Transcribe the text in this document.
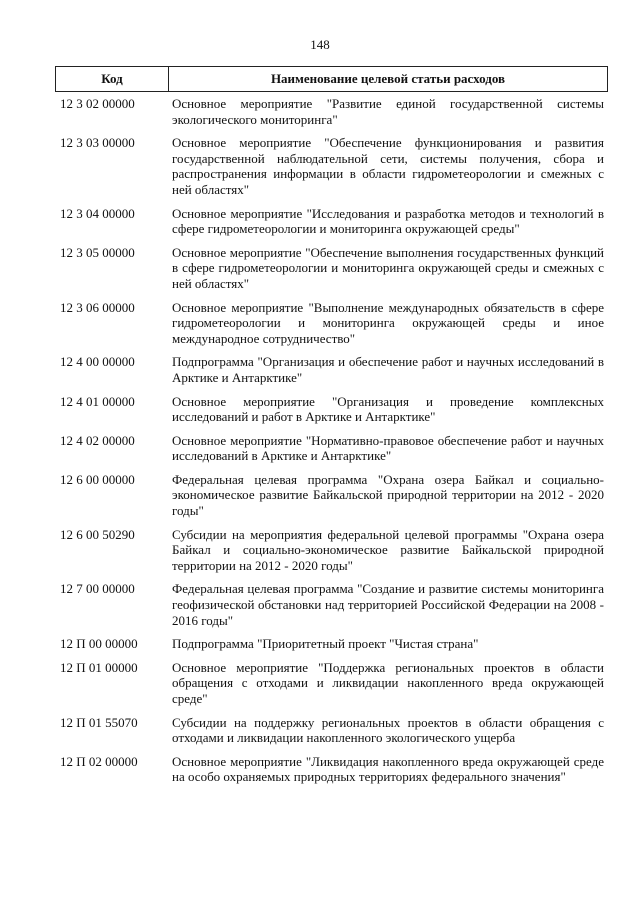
148
Код	Наименование целевой статьи расходов
12 3 02 00000	Основное мероприятие "Развитие единой государственной системы экологического мониторинга"
12 3 03 00000	Основное мероприятие "Обеспечение функционирования и развития государственной наблюдательной сети, системы получения, сбора и распространения информации в области гидрометеорологии и смежных с ней областях"
12 3 04 00000	Основное мероприятие "Исследования и разработка методов и технологий в сфере гидрометеорологии и мониторинга окружающей среды"
12 3 05 00000	Основное мероприятие "Обеспечение выполнения государственных функций в сфере гидрометеорологии и мониторинга окружающей среды и смежных с ней областях"
12 3 06 00000	Основное мероприятие "Выполнение международных обязательств в сфере гидрометеорологии и мониторинга окружающей среды и иное международное сотрудничество"
12 4 00 00000	Подпрограмма "Организация и обеспечение работ и научных исследований в Арктике и Антарктике"
12 4 01 00000	Основное мероприятие "Организация и проведение комплексных исследований и работ в Арктике и Антарктике"
12 4 02 00000	Основное мероприятие "Нормативно-правовое обеспечение работ и научных исследований в Арктике и Антарктике"
12 6 00 00000	Федеральная целевая программа "Охрана озера Байкал и социально-экономическое развитие Байкальской природной территории на 2012 - 2020 годы"
12 6 00 50290	Субсидии на мероприятия федеральной целевой программы "Охрана озера Байкал и социально-экономическое развитие Байкальской природной территории на 2012 - 2020 годы"
12 7 00 00000	Федеральная целевая программа "Создание и развитие системы мониторинга геофизической обстановки над территорией Российской Федерации на 2008 - 2016 годы"
12 П 00 00000	Подпрограмма "Приоритетный проект "Чистая страна"
12 П 01 00000	Основное мероприятие "Поддержка региональных проектов в области обращения с отходами и ликвидации накопленного вреда окружающей среде"
12 П 01 55070	Субсидии на поддержку региональных проектов в области обращения с отходами и ликвидации накопленного экологического ущерба
12 П 02 00000	Основное мероприятие "Ликвидация накопленного вреда окружающей среде на особо охраняемых природных территориях федерального значения"
